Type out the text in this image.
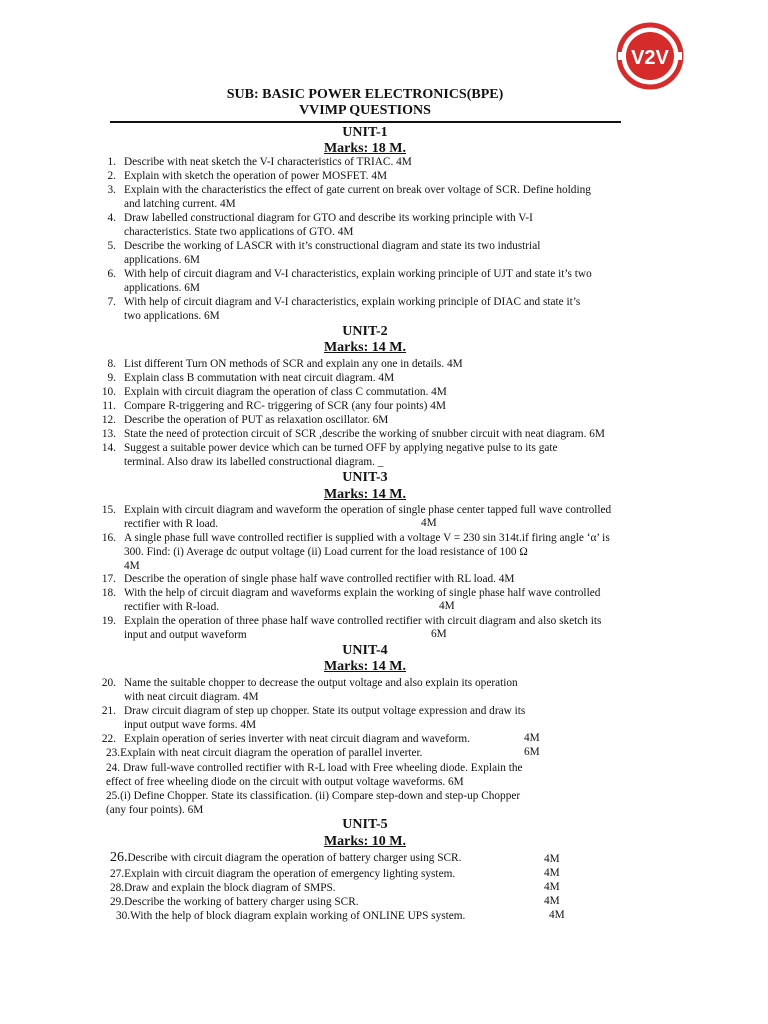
V2V
SUB: BASIC POWER ELECTRONICS(BPE)
VVIMP QUESTIONS
UNIT-1
Marks: 18 M.
1. Describe with neat sketch the V-I characteristics of TRIAC. 4M
2. Explain with sketch the operation of power MOSFET. 4M
3. Explain with the characteristics the effect of gate current on break over voltage of SCR. Define holding
and latching current. 4M
4. Draw labelled constructional diagram for GTO and describe its working principle with V-I
characteristics. State two applications of GTO. 4M
5. Describe the working of LASCR with it’s constructional diagram and state its two industrial
applications. 6M
6. With help of circuit diagram and V-I characteristics, explain working principle of UJT and state it’s two
applications. 6M
7. With help of circuit diagram and V-I characteristics, explain working principle of DIAC and state it’s
two applications. 6M
UNIT-2
Marks: 14 M.
8. List different Turn ON methods of SCR and explain any one in details. 4M
9. Explain class B commutation with neat circuit diagram. 4M
10. Explain with circuit diagram the operation of class C commutation. 4M
11. Compare R-triggering and RC- triggering of SCR (any four points) 4M
12. Describe the operation of PUT as relaxation oscillator. 6M
13. State the need of protection circuit of SCR ,describe the working of snubber circuit with neat diagram. 6M
14. Suggest a suitable power device which can be turned OFF by applying negative pulse to its gate
terminal. Also draw its labelled constructional diagram. _
UNIT-3
Marks: 14 M.
15. Explain with circuit diagram and waveform the operation of single phase center tapped full wave controlled
rectifier with R load.	4M
16. A single phase full wave controlled rectifier is supplied with a voltage V = 230 sin 314t.if firing angle ‘α’ is
300. Find: (i) Average dc output voltage (ii) Load current for the load resistance of 100 Ω
4M
17. Describe the operation of single phase half wave controlled rectifier with RL load. 4M
18. With the help of circuit diagram and waveforms explain the working of single phase half wave controlled
rectifier with R-load.	4M
19. Explain the operation of three phase half wave controlled rectifier with circuit diagram and also sketch its
input and output waveform	6M
UNIT-4
Marks: 14 M.
20. Name the suitable chopper to decrease the output voltage and also explain its operation
with neat circuit diagram. 4M
21. Draw circuit diagram of step up chopper. State its output voltage expression and draw its
input output wave forms. 4M
22. Explain operation of series inverter with neat circuit diagram and waveform.	4M
23.Explain with neat circuit diagram the operation of parallel inverter.	6M
24. Draw full-wave controlled rectifier with R-L load with Free wheeling diode. Explain the
effect of free wheeling diode on the circuit with output voltage waveforms. 6M
25.(i) Define Chopper. State its classification. (ii) Compare step-down and step-up Chopper
(any four points). 6M
UNIT-5
Marks: 10 M.
26.Describe with circuit diagram the operation of battery charger using SCR.	4M
27.Explain with circuit diagram the operation of emergency lighting system.	4M
28.Draw and explain the block diagram of SMPS.	4M
29.Describe the working of battery charger using SCR.	4M
30.With the help of block diagram explain working of ONLINE UPS system.	4M
